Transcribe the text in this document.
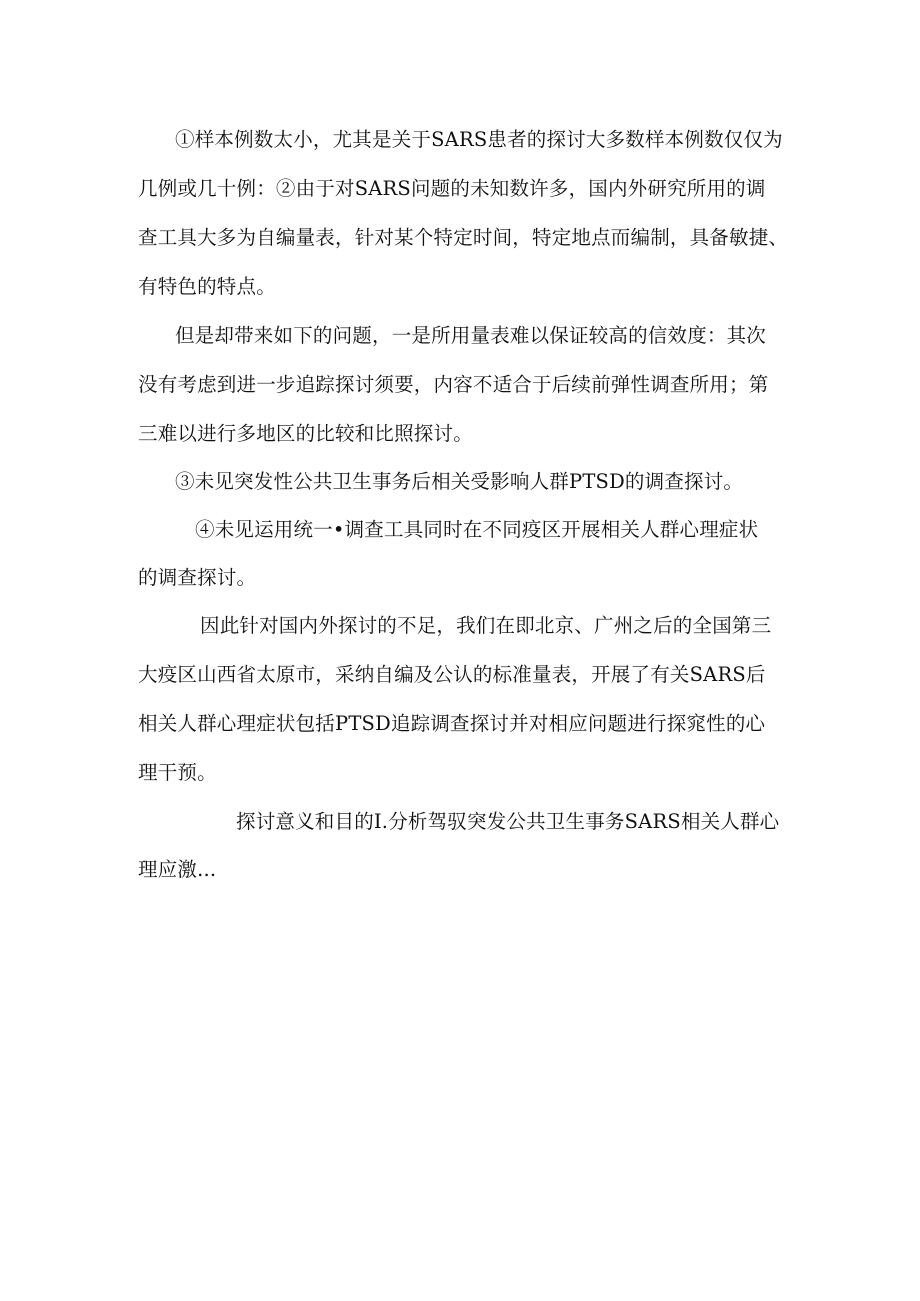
①样本例数太小，尤其是关于SARS患者的探讨大多数样本例数仅仅为
几例或几十例：②由于对SARS问题的未知数许多，国内外研究所用的调
查工具大多为自编量表，针对某个特定时间，特定地点而编制，具备敏捷、
有特色的特点。
但是却带来如下的问题，一是所用量表难以保证较高的信效度：其次
没有考虑到进一步追踪探讨须要，内容不适合于后续前弹性调查所用；第
三难以进行多地区的比较和比照探讨。
③未见突发性公共卫生事务后相关受影响人群PTSD的调查探讨。
④未见运用统一•调查工具同时在不同疫区开展相关人群心理症状
的调查探讨。
因此针对国内外探讨的不足，我们在即北京、广州之后的全国第三
大疫区山西省太原市，采纳自编及公认的标准量表，开展了有关SARS后
相关人群心理症状包括PTSD追踪调查探讨并对相应问题进行探窕性的心
理干预。
探讨意义和目的I.分析驾驭突发公共卫生事务SARS相关人群心
理应激...
